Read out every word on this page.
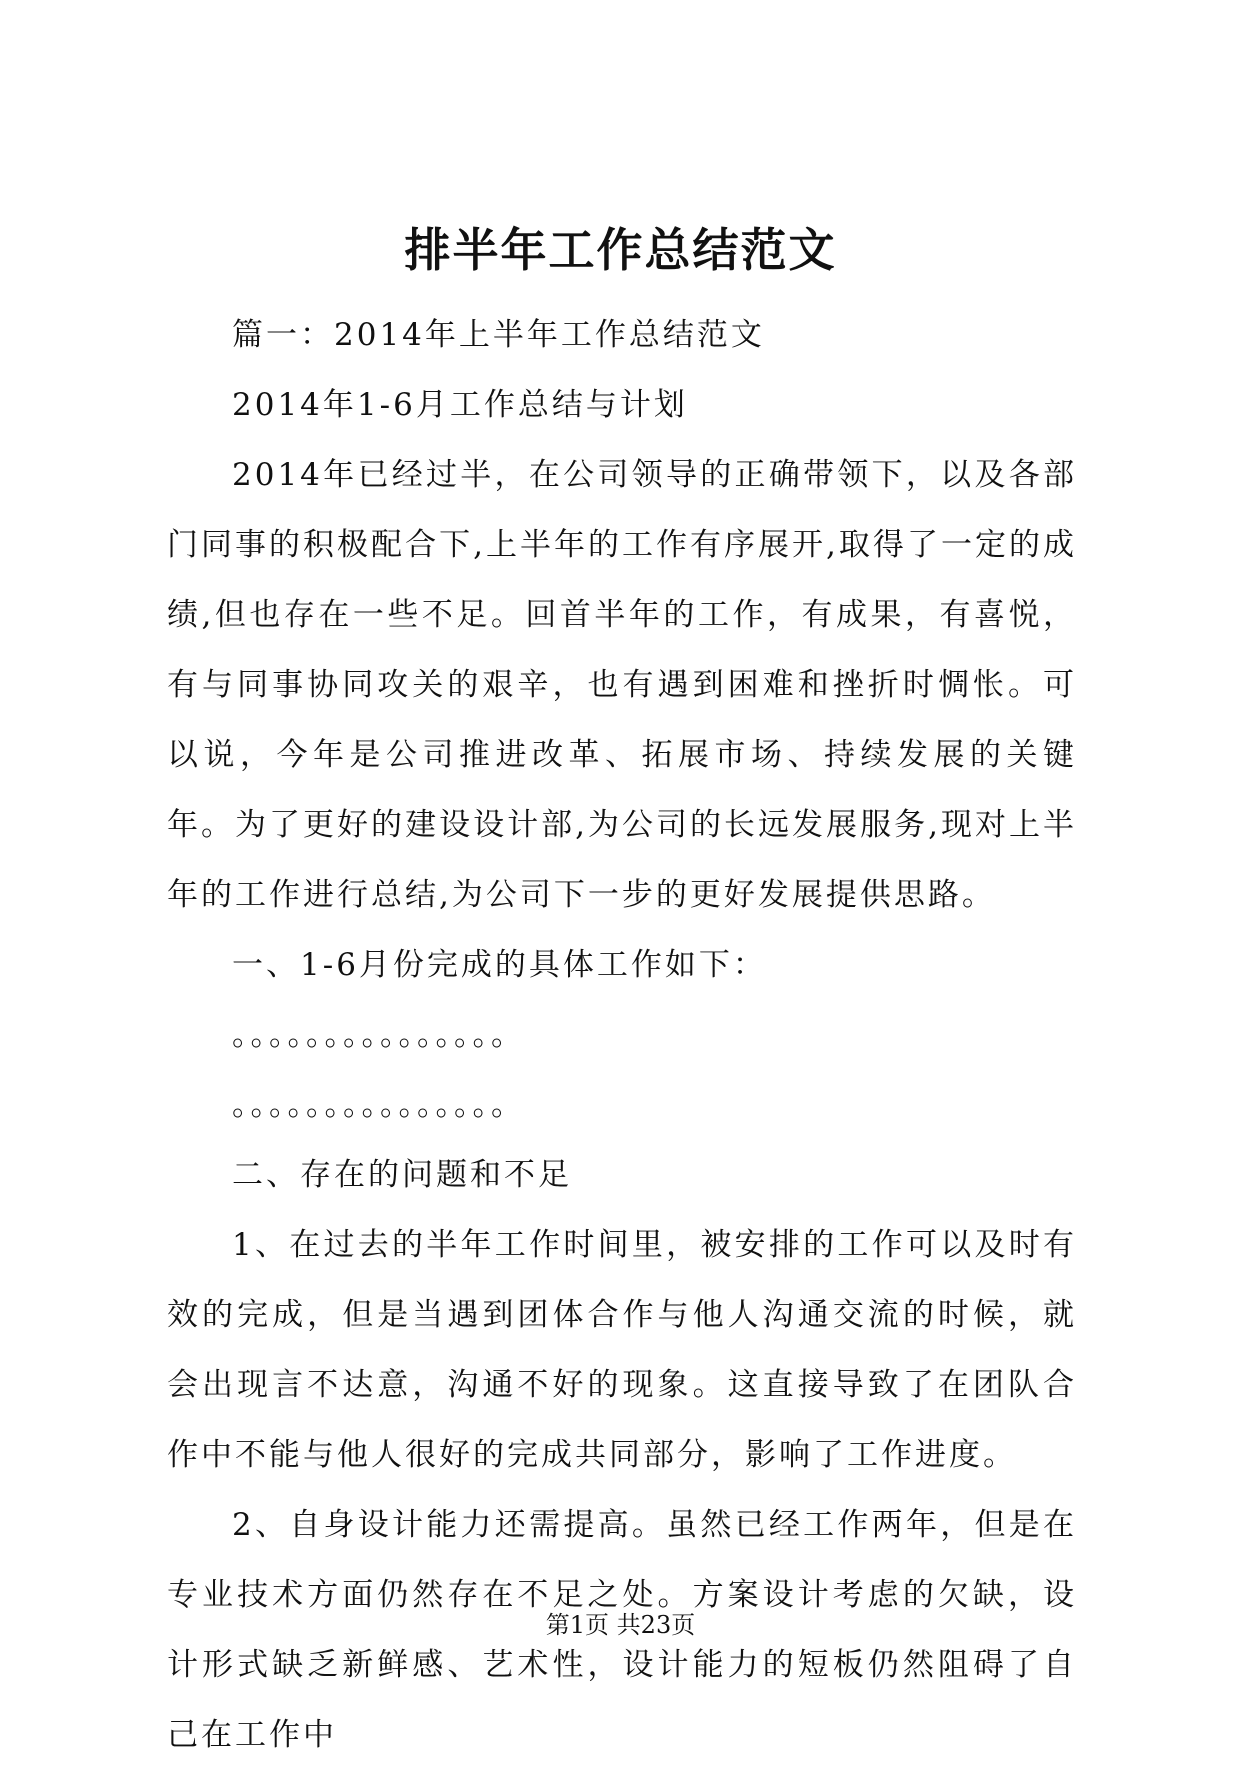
排半年工作总结范文

篇一：2014年上半年工作总结范文

2014年1-6月工作总结与计划

2014年已经过半，在公司领导的正确带领下，以及各部门同事的积极配合下,上半年的工作有序展开,取得了一定的成绩,但也存在一些不足。回首半年的工作，有成果，有喜悦，有与同事协同攻关的艰辛，也有遇到困难和挫折时惆怅。可以说，今年是公司推进改革、拓展市场、持续发展的关键年。为了更好的建设设计部,为公司的长远发展服务,现对上半年的工作进行总结,为公司下一步的更好发展提供思路。

一、1-6月份完成的具体工作如下：

。。。。。。。。。。。。。。。

。。。。。。。。。。。。。。。

二、存在的问题和不足

1、在过去的半年工作时间里，被安排的工作可以及时有效的完成，但是当遇到团体合作与他人沟通交流的时候，就会出现言不达意，沟通不好的现象。这直接导致了在团队合作中不能与他人很好的完成共同部分，影响了工作进度。

2、自身设计能力还需提高。虽然已经工作两年，但是在专业技术方面仍然存在不足之处。方案设计考虑的欠缺，设计形式缺乏新鲜感、艺术性，设计能力的短板仍然阻碍了自己在工作中

第1页 共23页
